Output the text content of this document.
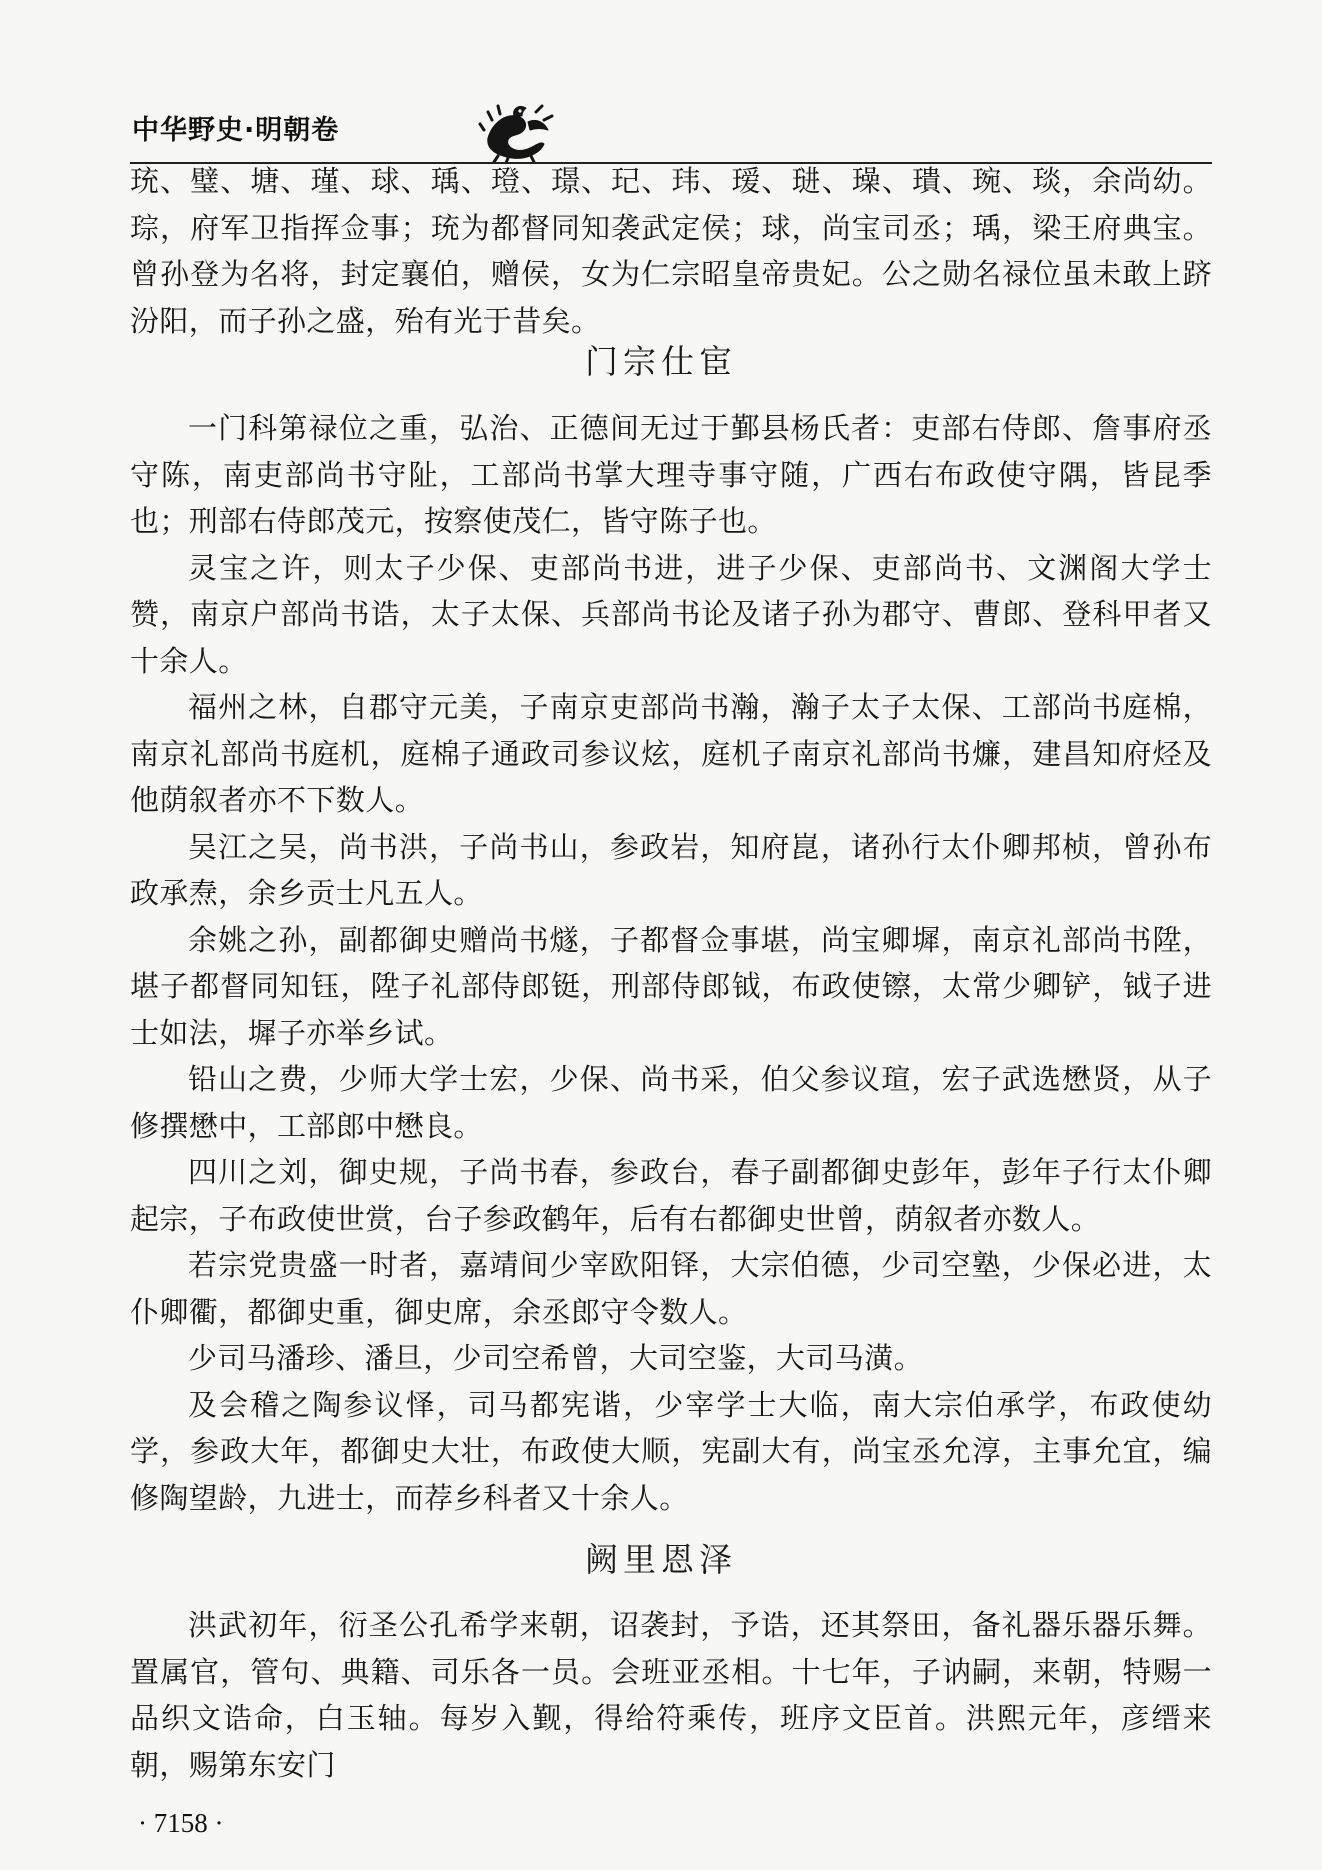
中华野史·明朝卷

珫、璧、塘、瑾、球、瑀、璒、璟、玘、玮、瑷、琎、璪、璝、琬、琰，余尚幼。琮，府军卫指挥佥事；珫为都督同知袭武定侯；球，尚宝司丞；瑀，梁王府典宝。曾孙登为名将，封定襄伯，赠侯，女为仁宗昭皇帝贵妃。公之勋名禄位虽未敢上跻汾阳，而子孙之盛，殆有光于昔矣。

门宗仕宦

一门科第禄位之重，弘治、正德间无过于鄞县杨氏者：吏部右侍郎、詹事府丞守陈，南吏部尚书守阯，工部尚书掌大理寺事守随，广西右布政使守隅，皆昆季也；刑部右侍郎茂元，按察使茂仁，皆守陈子也。

灵宝之许，则太子少保、吏部尚书进，进子少保、吏部尚书、文渊阁大学士赞，南京户部尚书诰，太子太保、兵部尚书论及诸子孙为郡守、曹郎、登科甲者又十余人。

福州之林，自郡守元美，子南京吏部尚书瀚，瀚子太子太保、工部尚书庭棉，南京礼部尚书庭机，庭棉子通政司参议炫，庭机子南京礼部尚书燫，建昌知府烃及他荫叙者亦不下数人。

吴江之吴，尚书洪，子尚书山，参政岩，知府崑，诸孙行太仆卿邦桢，曾孙布政承焘，余乡贡士凡五人。

余姚之孙，副都御史赠尚书燧，子都督佥事堪，尚宝卿墀，南京礼部尚书陞，堪子都督同知钰，陞子礼部侍郎铤，刑部侍郎钺，布政使镲，太常少卿铲，钺子进士如法，墀子亦举乡试。

铅山之费，少师大学士宏，少保、尚书采，伯父参议瑄，宏子武选懋贤，从子修撰懋中，工部郎中懋良。

四川之刘，御史规，子尚书春，参政台，春子副都御史彭年，彭年子行太仆卿起宗，子布政使世赏，台子参政鹤年，后有右都御史世曾，荫叙者亦数人。

若宗党贵盛一时者，嘉靖间少宰欧阳铎，大宗伯德，少司空塾，少保必进，太仆卿衢，都御史重，御史席，余丞郎守令数人。

少司马潘珍、潘旦，少司空希曾，大司空鉴，大司马潢。

及会稽之陶参议怿，司马都宪谐，少宰学士大临，南大宗伯承学，布政使幼学，参政大年，都御史大壮，布政使大顺，宪副大有，尚宝丞允淳，主事允宜，编修陶望龄，九进士，而荐乡科者又十余人。

阙里恩泽

洪武初年，衍圣公孔希学来朝，诏袭封，予诰，还其祭田，备礼器乐器乐舞。置属官，管句、典籍、司乐各一员。会班亚丞相。十七年，子讷嗣，来朝，特赐一品织文诰命，白玉轴。每岁入觐，得给符乘传，班序文臣首。洪熙元年，彦缙来朝，赐第东安门

· 7158 ·
